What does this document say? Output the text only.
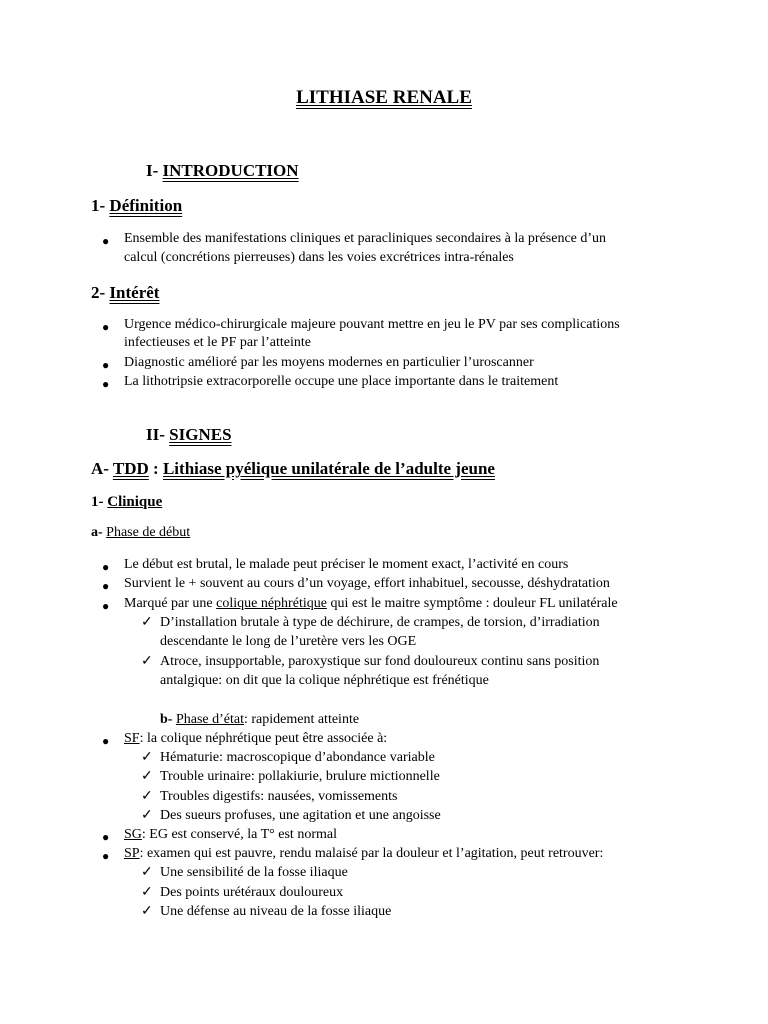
LITHIASE RENALE
I- INTRODUCTION
1- Définition
● Ensemble des manifestations cliniques et paracliniques secondaires à la présence d’un
calcul (concrétions pierreuses) dans les voies excrétrices intra-rénales
2- Intérêt
● Urgence médico-chirurgicale majeure pouvant mettre en jeu le PV par ses complications
infectieuses et le PF par l’atteinte
● Diagnostic amélioré par les moyens modernes en particulier l’uroscanner
● La lithotripsie extracorporelle occupe une place importante dans le traitement
II- SIGNES
A- TDD : Lithiase pyélique unilatérale de l’adulte jeune
1- Clinique
a- Phase de début
● Le début est brutal, le malade peut préciser le moment exact, l’activité en cours
● Survient le + souvent au cours d’un voyage, effort inhabituel, secousse, déshydratation
● Marqué par une colique néphrétique qui est le maitre symptôme : douleur FL unilatérale
✓ D’installation brutale à type de déchirure, de crampes, de torsion, d’irradiation
descendante le long de l’uretère vers les OGE
✓ Atroce, insupportable, paroxystique sur fond douloureux continu sans position
antalgique: on dit que la colique néphrétique est frénétique
b- Phase d’état: rapidement atteinte
● SF: la colique néphrétique peut être associée à:
✓ Hématurie: macroscopique d’abondance variable
✓ Trouble urinaire: pollakiurie, brulure mictionnelle
✓ Troubles digestifs: nausées, vomissements
✓ Des sueurs profuses, une agitation et une angoisse
● SG: EG est conservé, la T° est normal
● SP: examen qui est pauvre, rendu malaisé par la douleur et l’agitation, peut retrouver:
✓ Une sensibilité de la fosse iliaque
✓ Des points urétéraux douloureux
✓ Une défense au niveau de la fosse iliaque
